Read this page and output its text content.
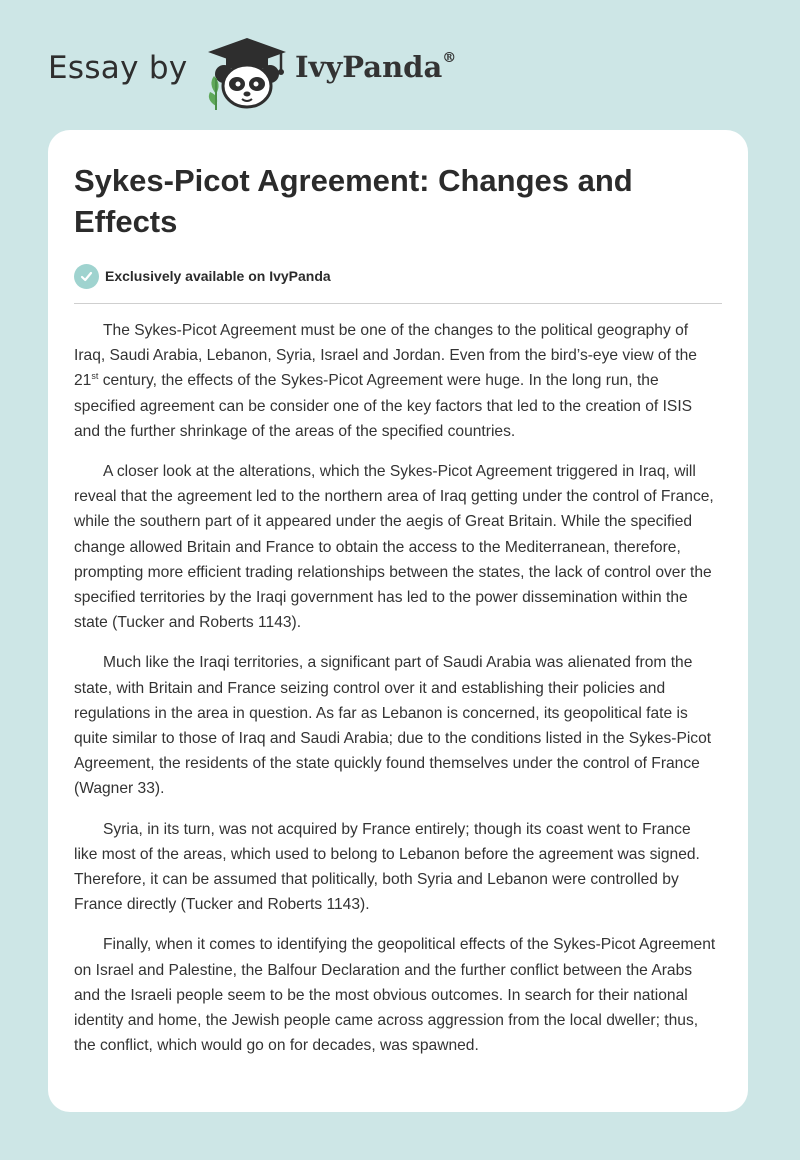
Essay by	IvyPanda®
Sykes-Picot Agreement: Changes and Effects
Exclusively available on IvyPanda

The Sykes-Picot Agreement must be one of the changes to the political geography of Iraq, Saudi Arabia, Lebanon, Syria, Israel and Jordan. Even from the bird’s-eye view of the 21st century, the effects of the Sykes-Picot Agreement were huge. In the long run, the specified agreement can be consider one of the key factors that led to the creation of ISIS and the further shrinkage of the areas of the specified countries.

A closer look at the alterations, which the Sykes-Picot Agreement triggered in Iraq, will reveal that the agreement led to the northern area of Iraq getting under the control of France, while the southern part of it appeared under the aegis of Great Britain. While the specified change allowed Britain and France to obtain the access to the Mediterranean, therefore, prompting more efficient trading relationships between the states, the lack of control over the specified territories by the Iraqi government has led to the power dissemination within the state (Tucker and Roberts 1143).

Much like the Iraqi territories, a significant part of Saudi Arabia was alienated from the state, with Britain and France seizing control over it and establishing their policies and regulations in the area in question. As far as Lebanon is concerned, its geopolitical fate is quite similar to those of Iraq and Saudi Arabia; due to the conditions listed in the Sykes-Picot Agreement, the residents of the state quickly found themselves under the control of France (Wagner 33).

Syria, in its turn, was not acquired by France entirely; though its coast went to France like most of the areas, which used to belong to Lebanon before the agreement was signed. Therefore, it can be assumed that politically, both Syria and Lebanon were controlled by France directly (Tucker and Roberts 1143).

Finally, when it comes to identifying the geopolitical effects of the Sykes-Picot Agreement on Israel and Palestine, the Balfour Declaration and the further conflict between the Arabs and the Israeli people seem to be the most obvious outcomes. In search for their national identity and home, the Jewish people came across aggression from the local dweller; thus, the conflict, which would go on for decades, was spawned.
